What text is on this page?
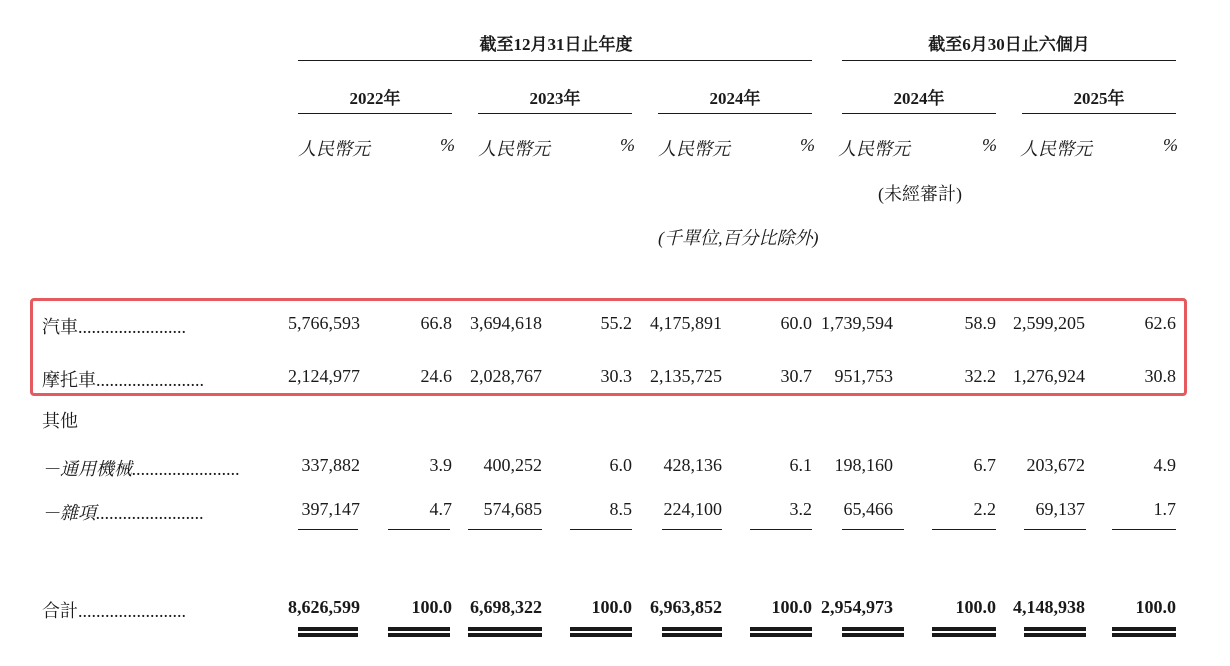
截至12月31日止年度	截至6月30日止六個月
2022年	2023年	2024年	2024年	2025年
人民幣元	% 人民幣元	% 人民幣元	% 人民幣元	% 人民幣元	%
(未經審計)
(千單位,百分比除外)
汽車........................	5,766,593	66.8 3,694,618	55.2 4,175,891	60.0 1,739,594	58.9 2,599,205	62.6
摩托車........................	2,124,977	24.6 2,028,767	30.3 2,135,725	30.7 951,753	32.2 1,276,924	30.8
其他
－通用機械........................	337,882	3.9 400,252	6.0 428,136	6.1 198,160	6.7 203,672	4.9
－雜項........................	397,147	4.7 574,685	8.5 224,100	3.2 65,466	2.2 69,137	1.7
合計........................	8,626,599	100.0 6,698,322	100.0 6,963,852	100.0 2,954,973	100.0 4,148,938	100.0
